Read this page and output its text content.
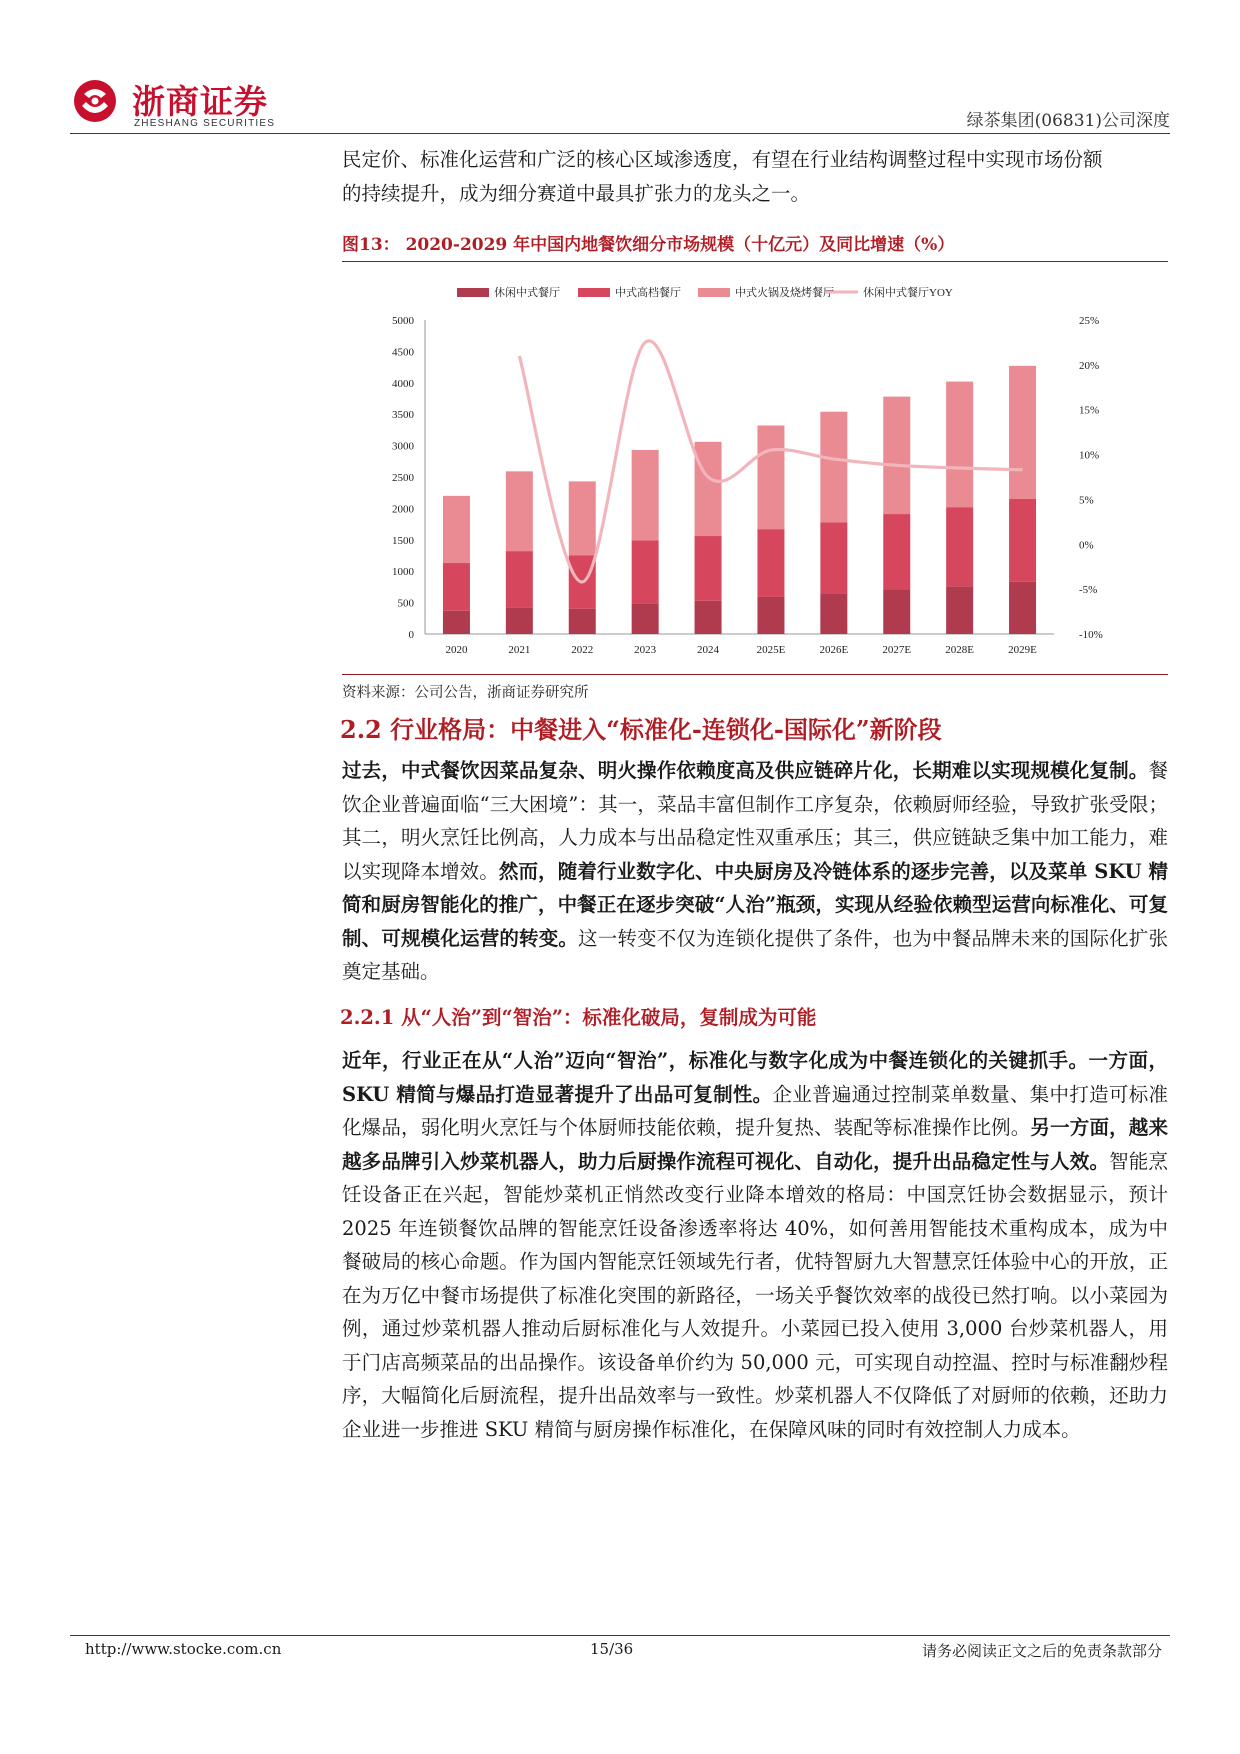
浙商证券
ZHESHANG SECURITIES	绿茶集团(06831)公司深度

民定价、标准化运营和广泛的核心区域渗透度，有望在行业结构调整过程中实现市场份额

的持续提升，成为细分赛道中最具扩张力的龙头之一。

图13： 2020-2029 年中国内地餐饮细分市场规模（十亿元）及同比增速（%）
0
500
1000
1500
2000
2500
3000
3500
4000
4500
5000
-10%
-5%
0%
5%
10%
15%
20%
25%
2020	2021	2022	2023	2024	2025E	2026E	2027E	2028E	2029E
休闲中式餐厅	中式高档餐厅	中式火锅及烧烤餐厅	休闲中式餐厅YOY
资料来源：公司公告，浙商证券研究所
2.2 行业格局：中餐进入“标准化-连锁化-国际化”新阶段

过去，中式餐饮因菜品复杂、明火操作依赖度高及供应链碎片化，长期难以实现规模化复制。餐饮企业普遍面临“三大困境”：其一，菜品丰富但制作工序复杂，依赖厨师经验，导致扩张受限；其二，明火烹饪比例高，人力成本与出品稳定性双重承压；其三，供应链缺乏集中加工能力，难以实现降本增效。然而，随着行业数字化、中央厨房及冷链体系的逐步完善，以及菜单 SKU 精简和厨房智能化的推广，中餐正在逐步突破“人治”瓶颈，实现从经验依赖型运营向标准化、可复制、可规模化运营的转变。这一转变不仅为连锁化提供了条件，也为中餐品牌未来的国际化扩张奠定基础。

2.2.1 从“人治”到“智治”：标准化破局，复制成为可能

近年，行业正在从“人治”迈向“智治”，标准化与数字化成为中餐连锁化的关键抓手。一方面，SKU 精简与爆品打造显著提升了出品可复制性。企业普遍通过控制菜单数量、集中打造可标准化爆品，弱化明火烹饪与个体厨师技能依赖，提升复热、装配等标准操作比例。另一方面，越来越多品牌引入炒菜机器人，助力后厨操作流程可视化、自动化，提升出品稳定性与人效。智能烹饪设备正在兴起，智能炒菜机正悄然改变行业降本增效的格局：中国烹饪协会数据显示，预计 2025 年连锁餐饮品牌的智能烹饪设备渗透率将达 40%，如何善用智能技术重构成本，成为中餐破局的核心命题。作为国内智能烹饪领域先行者，优特智厨九大智慧烹饪体验中心的开放，正在为万亿中餐市场提供了标准化突围的新路径，一场关乎餐饮效率的战役已然打响。以小菜园为例，通过炒菜机器人推动后厨标准化与人效提升。小菜园已投入使用 3,000 台炒菜机器人，用于门店高频菜品的出品操作。该设备单价约为 50,000 元，可实现自动控温、控时与标准翻炒程序，大幅简化后厨流程，提升出品效率与一致性。炒菜机器人不仅降低了对厨师的依赖，还助力企业进一步推进 SKU 精简与厨房操作标准化，在保障风味的同时有效控制人力成本。

http://www.stocke.com.cn	15/36	请务必阅读正文之后的免责条款部分
